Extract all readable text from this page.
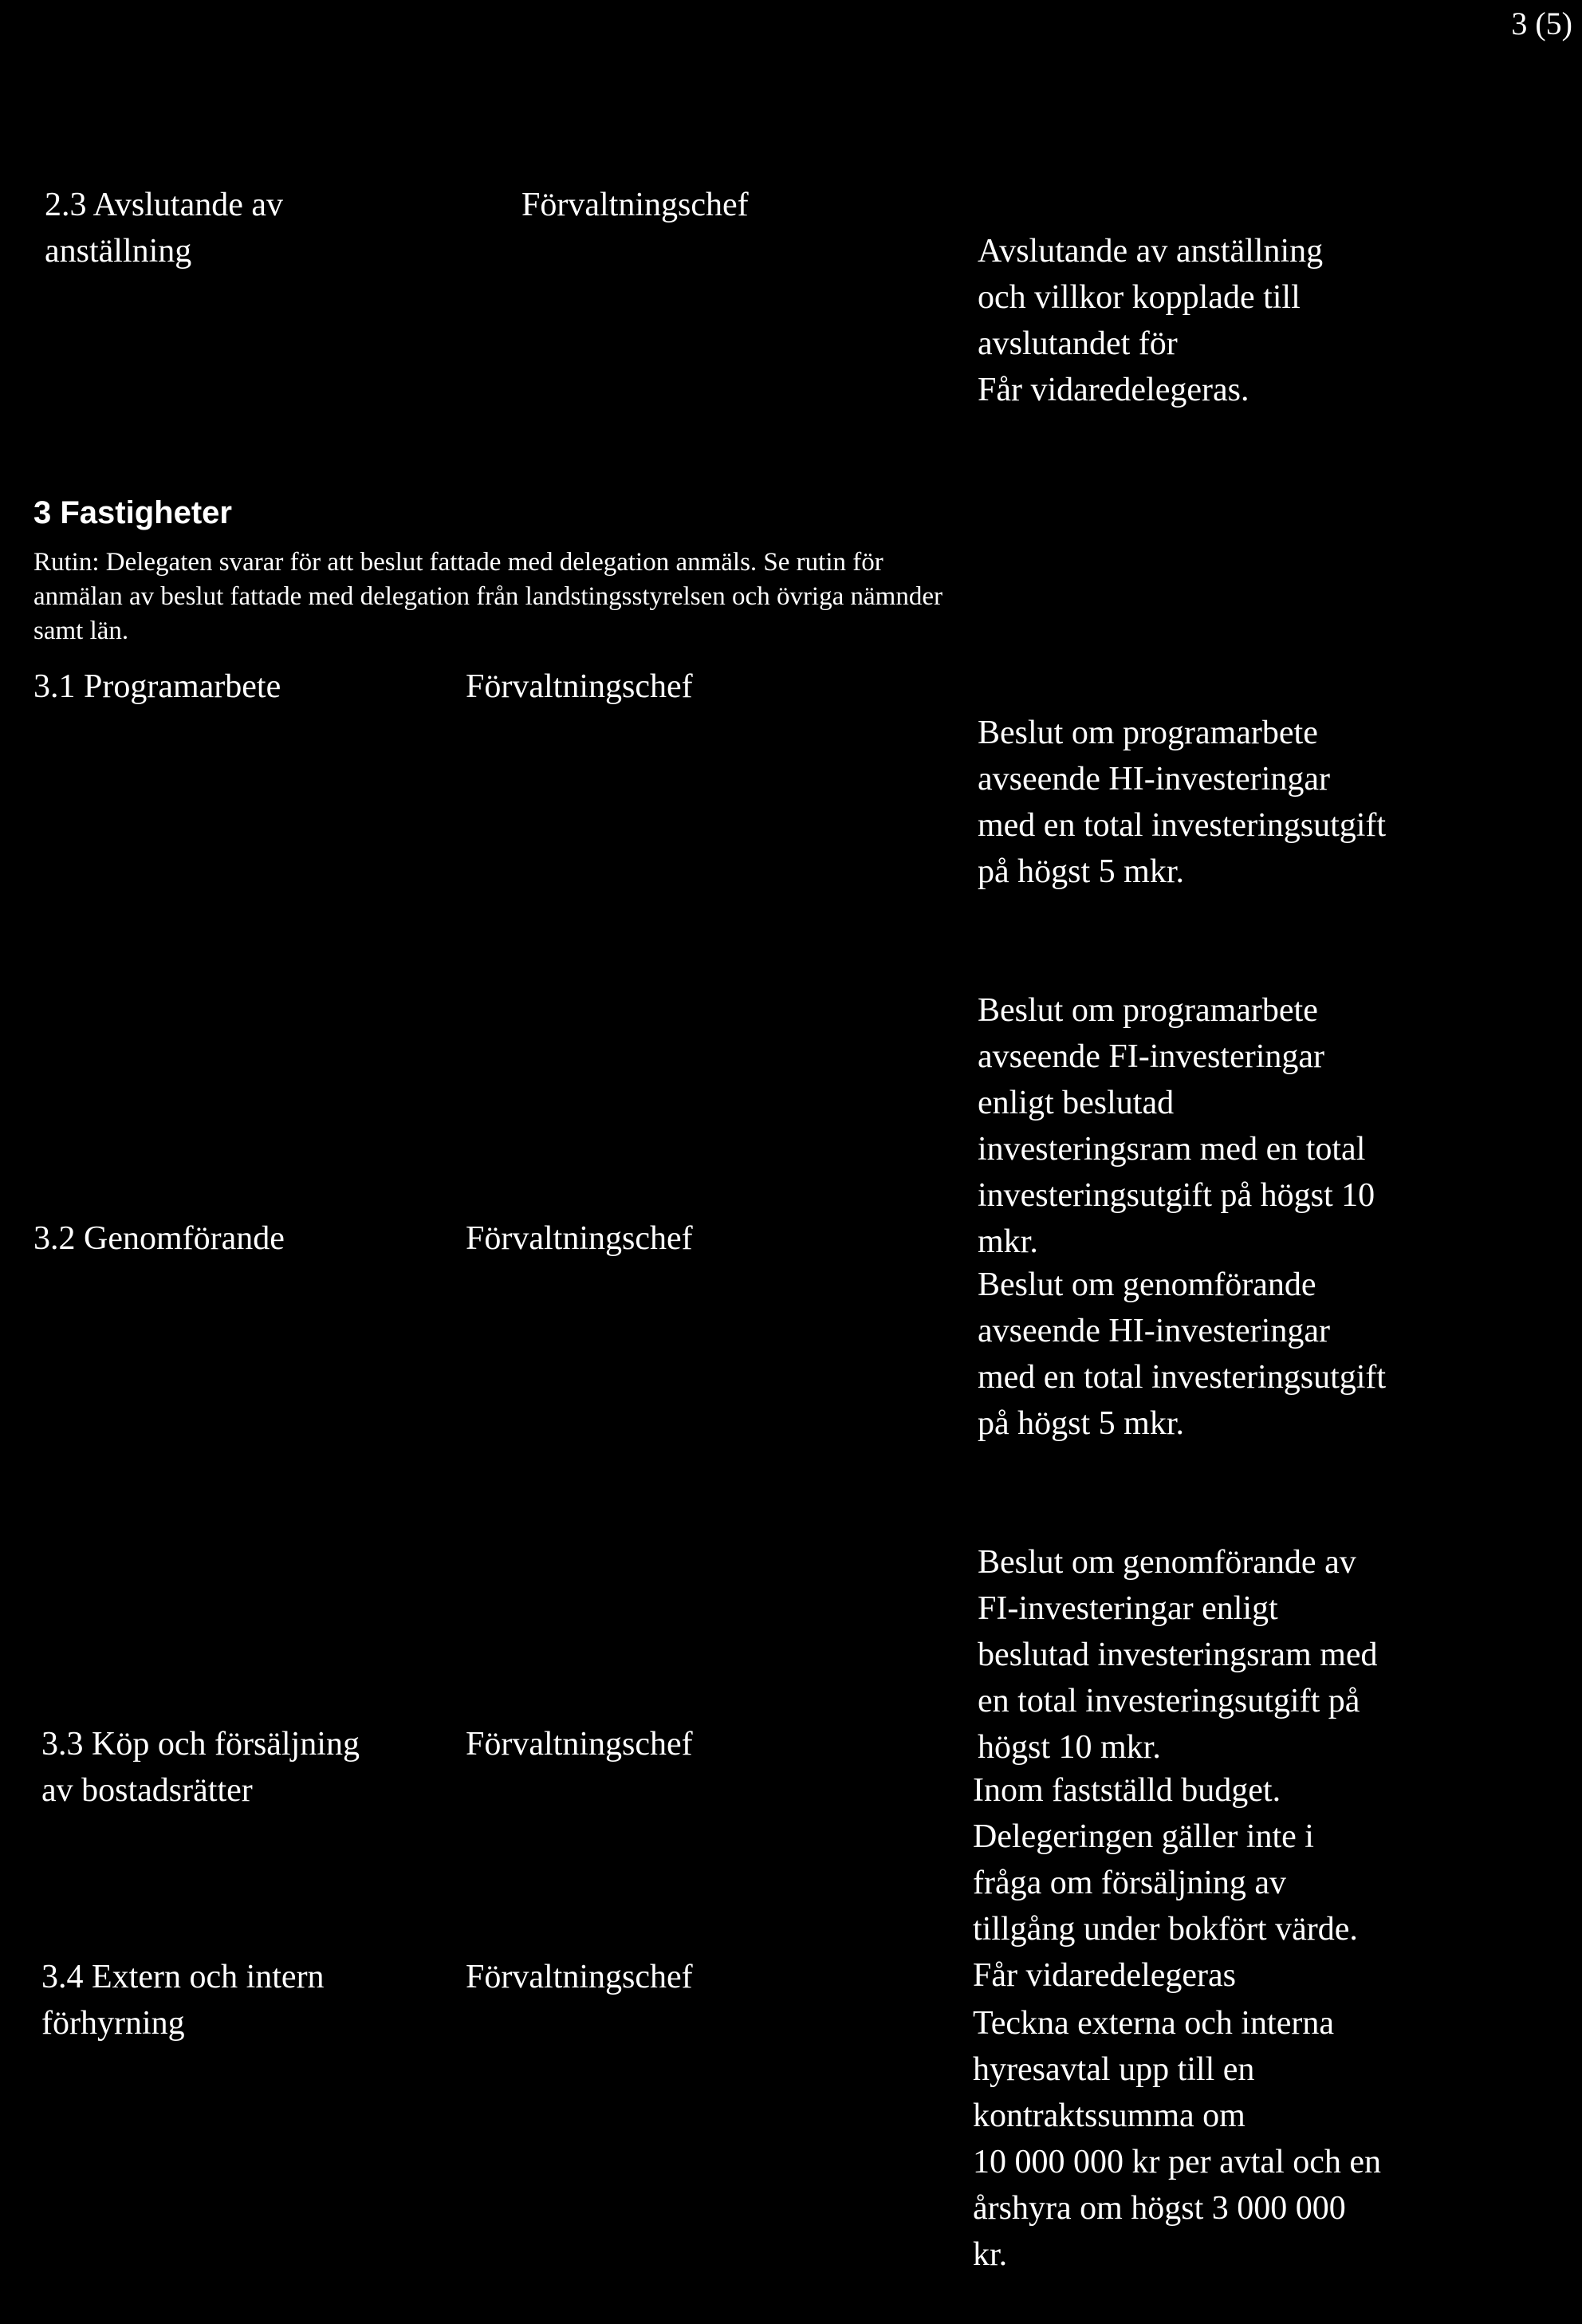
3 (5)
2.3 Avslutande av
anställning
Förvaltningschef

Avslutande av anställning
och villkor kopplade till
avslutandet för
Får vidaredelegeras.

3 Fastigheter
Rutin: Delegaten svarar för att beslut fattade med delegation anmäls. Se rutin för
anmälan av beslut fattade med delegation från landstingsstyrelsen och övriga nämnder
samt län.
3.1 Programarbete	Förvaltningschef

Beslut om programarbete
avseende HI-investeringar
med en total investeringsutgift
på högst 5 mkr.

Beslut om programarbete
avseende FI-investeringar
enligt beslutad
investeringsram med en total
investeringsutgift på högst 10
mkr.

3.2 Genomförande	Förvaltningschef

Beslut om genomförande
avseende HI-investeringar
med en total investeringsutgift
på högst 5 mkr.

Beslut om genomförande av
FI-investeringar enligt
beslutad investeringsram med
en total investeringsutgift på
högst 10 mkr.

3.3 Köp och försäljning
av bostadsrätter
Förvaltningschef

Inom fastställd budget.
Delegeringen gäller inte i
fråga om försäljning av
tillgång under bokfört värde.
Får vidaredelegeras

3.4 Extern och intern
förhyrning
Förvaltningschef

Teckna externa och interna
hyresavtal upp till en
kontraktssumma om
10 000 000 kr per avtal och en
årshyra om högst 3 000 000
kr.
